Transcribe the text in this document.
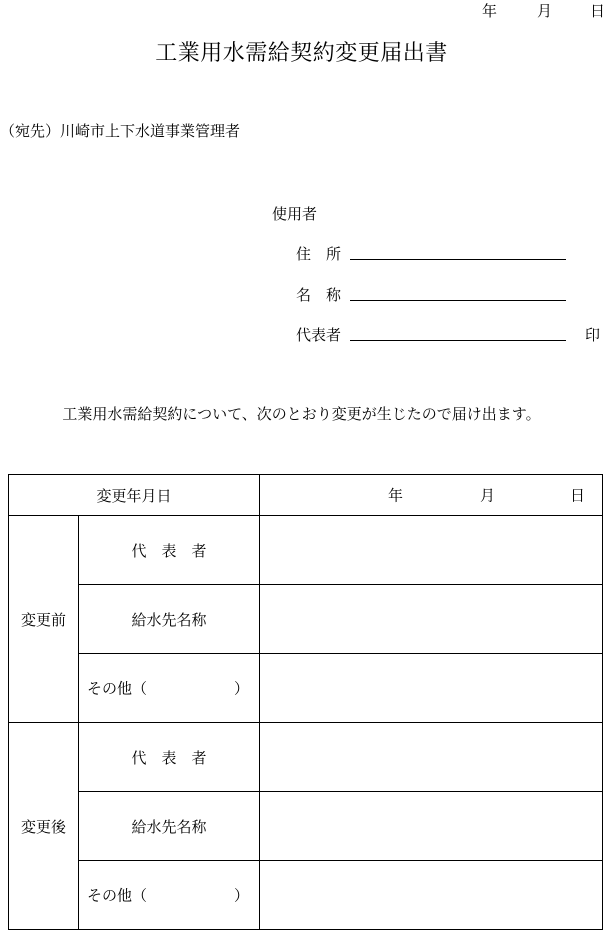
年	月	日
工業用水需給契約変更届出書
（宛先）川崎市上下水道事業管理者
使用者
住　所
名　称
代表者	印
工業用水需給契約について、次のとおり変更が生じたので届け出ます。
変更年月日		年 月 日

変更前	代　表　者	
	給水先名称	

	その他（ ）	

変更後	代　表　者	
	給水先名称	

	その他（ ）	
